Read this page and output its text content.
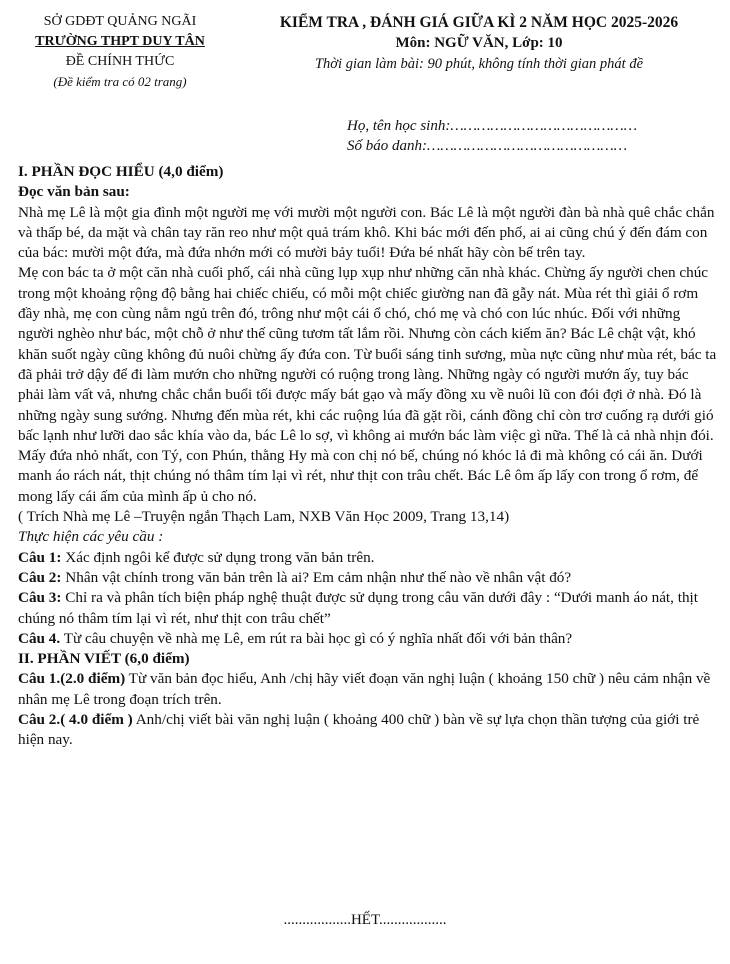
SỞ GDĐT QUẢNG NGÃI
TRƯỜNG THPT DUY TÂN
ĐỀ CHÍNH THỨC
(Đề kiểm tra có 02 trang)
KIỂM TRA , ĐÁNH GIÁ GIỮA KÌ 2 NĂM HỌC 2025-2026
Môn: NGỮ VĂN, Lớp: 10
Thời gian làm bài: 90 phút, không tính thời gian phát đề
Họ, tên học sinh:……………………………………
Số báo danh:………………………………………

I. PHẦN ĐỌC HIỂU (4,0 điểm)

Đọc văn bản sau:

Nhà mẹ Lê là một gia đình một người mẹ với mười một người con. Bác Lê là một người đàn bà nhà quê chắc chắn và thấp bé, da mặt và chân tay răn reo như một quả trám khô. Khi bác mới đến phố, ai ai cũng chú ý đến đám con của bác: mười một đứa, mà đứa nhớn mới có mười bảy tuổi! Đứa bé nhất hãy còn bế trên tay.

Mẹ con bác ta ở một căn nhà cuối phố, cái nhà cũng lụp xụp như những căn nhà khác. Chừng ấy người chen chúc trong một khoảng rộng độ bằng hai chiếc chiếu, có mỗi một chiếc giường nan đã gẫy nát. Mùa rét thì giải ổ rơm đầy nhà, mẹ con cùng nằm ngủ trên đó, trông như một cái ổ chó, chó mẹ và chó con lúc nhúc. Đối với những người nghèo như bác, một chỗ ở như thế cũng tươm tất lắm rồi. Nhưng còn cách kiếm ăn? Bác Lê chật vật, khó khăn suốt ngày cũng không đủ nuôi chừng ấy đứa con. Từ buổi sáng tinh sương, mùa nực cũng như mùa rét, bác ta đã phải trở dậy để đi làm mướn cho những người có ruộng trong làng. Những ngày có người mướn ấy, tuy bác phải làm vất vả, nhưng chắc chắn buổi tối được mấy bát gạo và mấy đồng xu về nuôi lũ con đói đợi ở nhà. Đó là những ngày sung sướng. Nhưng đến mùa rét, khi các ruộng lúa đã gặt rồi, cánh đồng chỉ còn trơ cuống rạ dưới gió bấc lạnh như lưỡi dao sắc khía vào da, bác Lê lo sợ, vì không ai mướn bác làm việc gì nữa. Thế là cả nhà nhịn đói. Mấy đứa nhỏ nhất, con Tý, con Phún, thằng Hy mà con chị nó bế, chúng nó khóc lả đi mà không có cái ăn. Dưới manh áo rách nát, thịt chúng nó thâm tím lại vì rét, như thịt con trâu chết. Bác Lê ôm ấp lấy con trong ổ rơm, để mong lấy cái ấm của mình ấp ủ cho nó.

( Trích Nhà mẹ Lê –Truyện ngắn Thạch Lam, NXB Văn Học 2009, Trang 13,14)

Thực hiện các yêu cầu :

Câu 1: Xác định ngôi kể được sử dụng trong văn bản trên.

Câu 2: Nhân vật chính trong văn bản trên là ai? Em cảm nhận như thế nào về nhân vật đó?

Câu 3: Chỉ ra và phân tích biện pháp nghệ thuật được sử dụng trong câu văn dưới đây : “Dưới manh áo nát, thịt chúng nó thâm tím lại vì rét, như thịt con trâu chết”

Câu 4. Từ câu chuyện về nhà mẹ Lê, em rút ra bài học gì có ý nghĩa nhất đối với bản thân?

II. PHẦN VIẾT (6,0 điểm)

Câu 1.(2.0 điểm) Từ văn bản đọc hiểu, Anh /chị hãy viết đoạn văn nghị luận ( khoảng 150 chữ ) nêu cảm nhận về nhân mẹ Lê trong đoạn trích trên.

Câu 2.( 4.0 điểm ) Anh/chị viết bài văn nghị luận ( khoảng 400 chữ ) bàn về sự lựa chọn thần tượng của giới trẻ hiện nay.

..................HẾT..................
